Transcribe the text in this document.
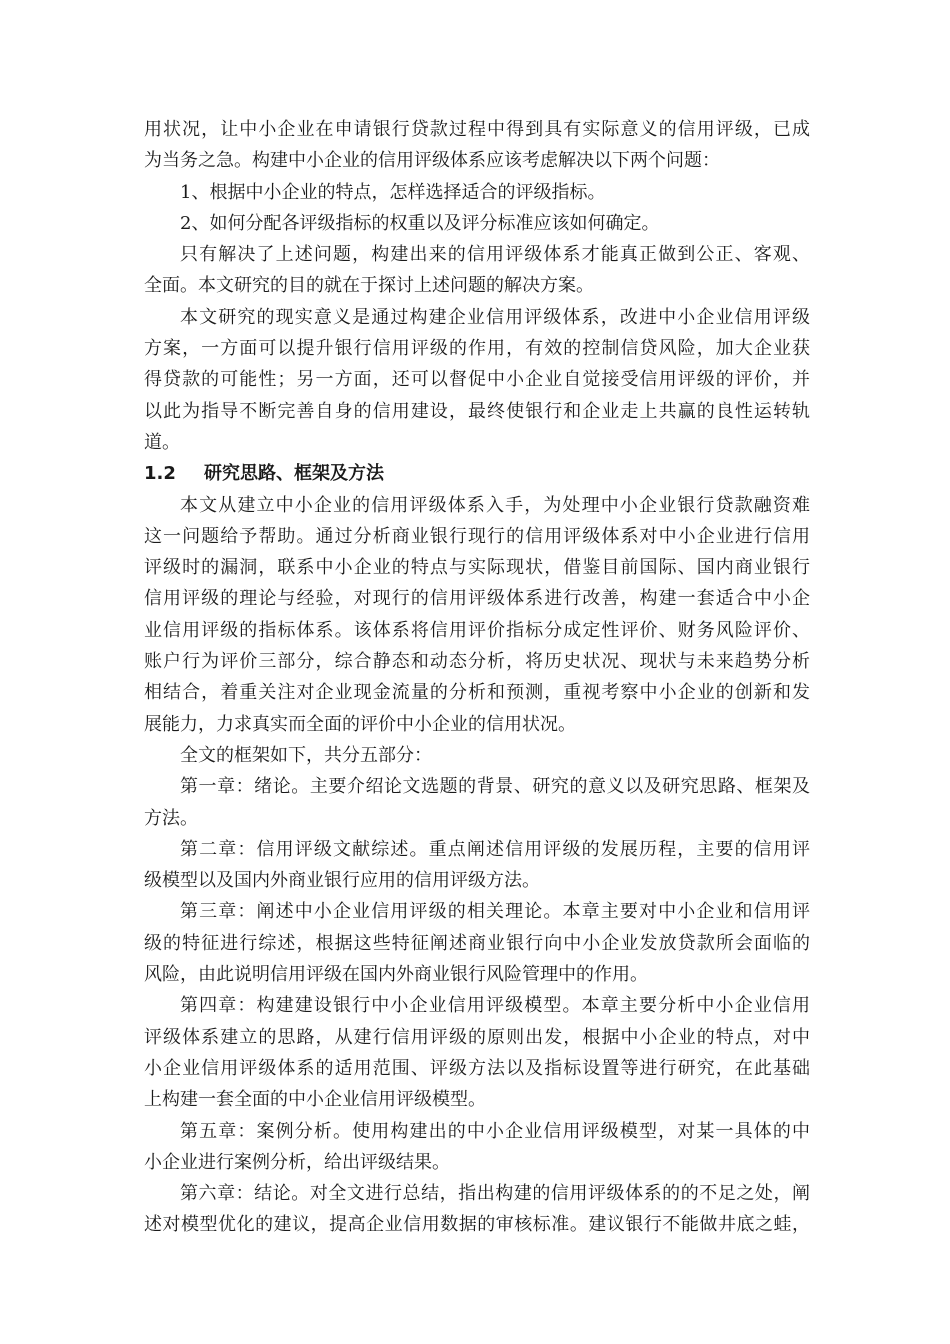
用状况，让中小企业在申请银行贷款过程中得到具有实际意义的信用评级，已成
为当务之急。构建中小企业的信用评级体系应该考虑解决以下两个问题：
1、根据中小企业的特点，怎样选择适合的评级指标。
2、如何分配各评级指标的权重以及评分标准应该如何确定。
只有解决了上述问题，构建出来的信用评级体系才能真正做到公正、客观、
全面。本文研究的目的就在于探讨上述问题的解决方案。
本文研究的现实意义是通过构建企业信用评级体系，改进中小企业信用评级
方案，一方面可以提升银行信用评级的作用，有效的控制信贷风险，加大企业获
得贷款的可能性；另一方面，还可以督促中小企业自觉接受信用评级的评价，并
以此为指导不断完善自身的信用建设，最终使银行和企业走上共赢的良性运转轨
道。
1.2 研究思路、框架及方法
本文从建立中小企业的信用评级体系入手，为处理中小企业银行贷款融资难
这一问题给予帮助。通过分析商业银行现行的信用评级体系对中小企业进行信用
评级时的漏洞，联系中小企业的特点与实际现状，借鉴目前国际、国内商业银行
信用评级的理论与经验，对现行的信用评级体系进行改善，构建一套适合中小企
业信用评级的指标体系。该体系将信用评价指标分成定性评价、财务风险评价、
账户行为评价三部分，综合静态和动态分析，将历史状况、现状与未来趋势分析
相结合，着重关注对企业现金流量的分析和预测，重视考察中小企业的创新和发
展能力，力求真实而全面的评价中小企业的信用状况。
全文的框架如下，共分五部分：
第一章：绪论。主要介绍论文选题的背景、研究的意义以及研究思路、框架及
方法。
第二章：信用评级文献综述。重点阐述信用评级的发展历程，主要的信用评
级模型以及国内外商业银行应用的信用评级方法。
第三章：阐述中小企业信用评级的相关理论。本章主要对中小企业和信用评
级的特征进行综述，根据这些特征阐述商业银行向中小企业发放贷款所会面临的
风险，由此说明信用评级在国内外商业银行风险管理中的作用。
第四章：构建建设银行中小企业信用评级模型。本章主要分析中小企业信用
评级体系建立的思路，从建行信用评级的原则出发，根据中小企业的特点，对中
小企业信用评级体系的适用范围、评级方法以及指标设置等进行研究，在此基础
上构建一套全面的中小企业信用评级模型。
第五章：案例分析。使用构建出的中小企业信用评级模型，对某一具体的中
小企业进行案例分析，给出评级结果。
第六章：结论。对全文进行总结，指出构建的信用评级体系的的不足之处，阐
述对模型优化的建议，提高企业信用数据的审核标准。建议银行不能做井底之蛙，
